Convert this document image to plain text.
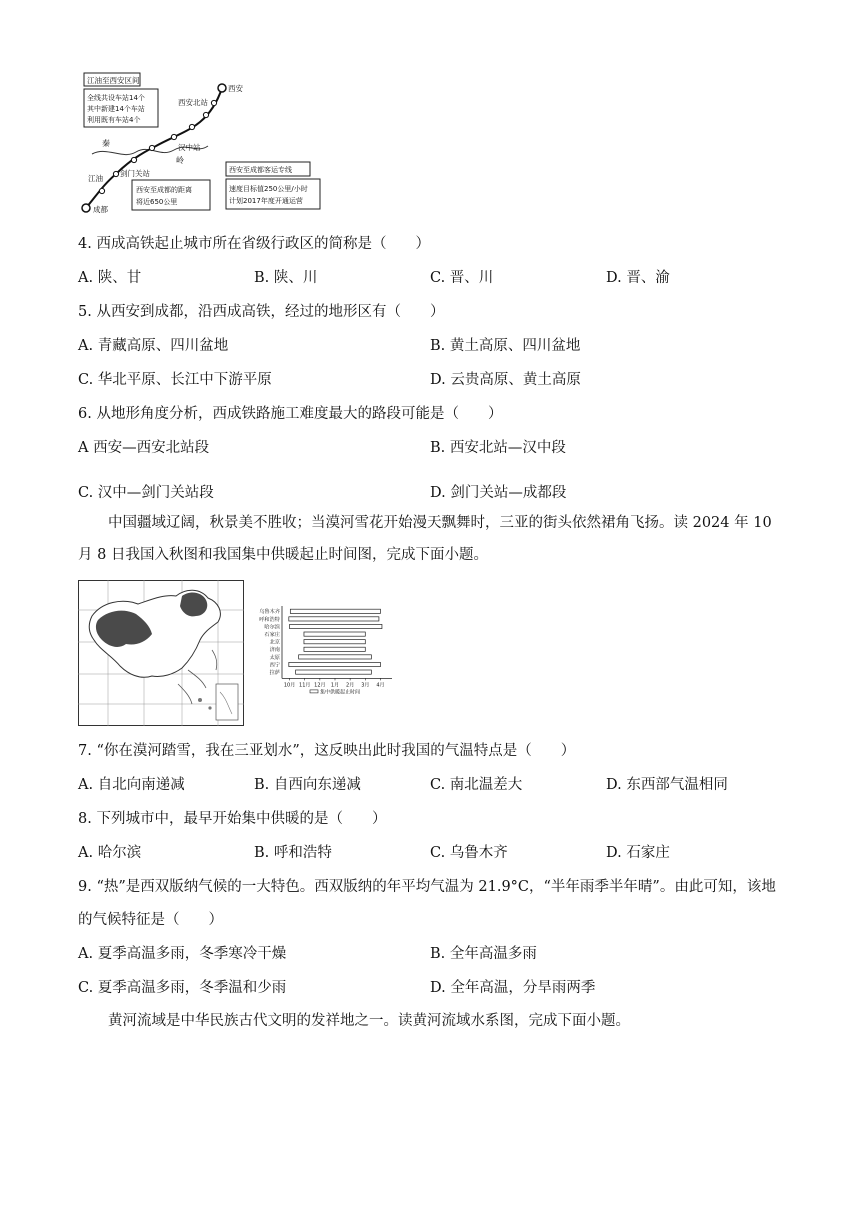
江油至西安区间
全线共设车站14个
其中新建14个车站
利用既有车站4个
秦
岭
西安
西安北站
汉中站
江油
剑门关站
成都
西安至成都的距离
将近650公里
西安至成都客运专线
速度目标值250公里/小时
计划2017年度开通运营
4. 西成高铁起止城市所在省级行政区的简称是（　　）
A. 陕、甘	B. 陕、川	C. 晋、川	D. 晋、渝
5. 从西安到成都，沿西成高铁，经过的地形区有（　　）
A. 青藏高原、四川盆地	B. 黄土高原、四川盆地
C. 华北平原、长江中下游平原	D. 云贵高原、黄土高原
6. 从地形角度分析，西成铁路施工难度最大的路段可能是（　　）
A 西安—西安北站段	B. 西安北站—汉中段
C. 汉中—剑门关站段	D. 剑门关站—成都段
中国疆域辽阔，秋景美不胜收；当漠河雪花开始漫天飘舞时，三亚的街头依然裙角飞扬。读 2024 年 10
月 8 日我国入秋图和我国集中供暖起止时间图，完成下面小题。
乌鲁木齐
呼和浩特
哈尔滨
石家庄
北京
济南
太原
西宁
拉萨
10月 11月 12月 1月 2月 3月 4月
集中供暖起止时间
7. “你在漠河踏雪，我在三亚划水”，这反映出此时我国的气温特点是（　　）
A. 自北向南递减	B. 自西向东递减	C. 南北温差大	D. 东西部气温相同
8. 下列城市中，最早开始集中供暖的是（　　）
A. 哈尔滨	B. 呼和浩特	C. 乌鲁木齐	D. 石家庄
9. “热”是西双版纳气候的一大特色。西双版纳的年平均气温为 21.9°C，“半年雨季半年晴”。由此可知，该地
的气候特征是（　　）
A. 夏季高温多雨，冬季寒冷干燥	B. 全年高温多雨
C. 夏季高温多雨，冬季温和少雨	D. 全年高温，分旱雨两季
黄河流域是中华民族古代文明的发祥地之一。读黄河流域水系图，完成下面小题。
